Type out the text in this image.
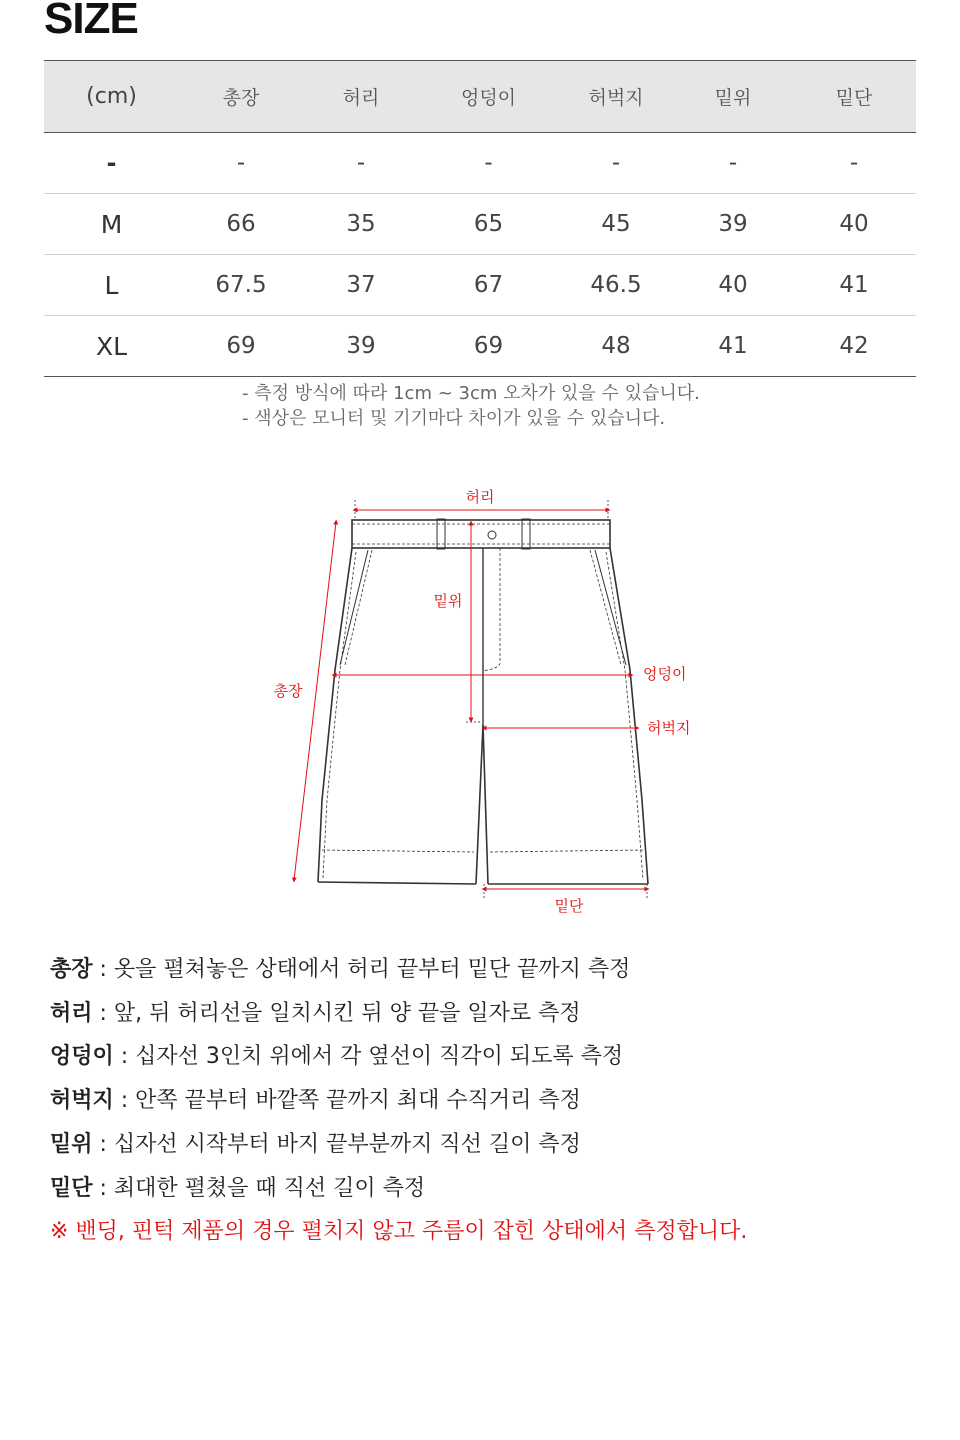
SIZE
(cm)	총장	허리	엉덩이	허벅지	밑위	밑단
-	-	-	-	-	-	-
M	66	35	65	45	39	40
L	67.5	37	67	46.5	40	41
XL	69	39	69	48	41	42
- 측정 방식에 따라 1cm ~ 3cm 오차가 있을 수 있습니다.
- 색상은 모니터 및 기기마다 차이가 있을 수 있습니다.
허리
밑위
총장
엉덩이
허벅지
밑단
총장 : 옷을 펼쳐놓은 상태에서 허리 끝부터 밑단 끝까지 측정
허리 : 앞, 뒤 허리선을 일치시킨 뒤 양 끝을 일자로 측정
엉덩이 : 십자선 3인치 위에서 각 옆선이 직각이 되도록 측정
허벅지 : 안쪽 끝부터 바깥쪽 끝까지 최대 수직거리 측정
밑위 : 십자선 시작부터 바지 끝부분까지 직선 길이 측정
밑단 : 최대한 펼쳤을 때 직선 길이 측정
※ 밴딩, 핀턱 제품의 경우 펼치지 않고 주름이 잡힌 상태에서 측정합니다.
